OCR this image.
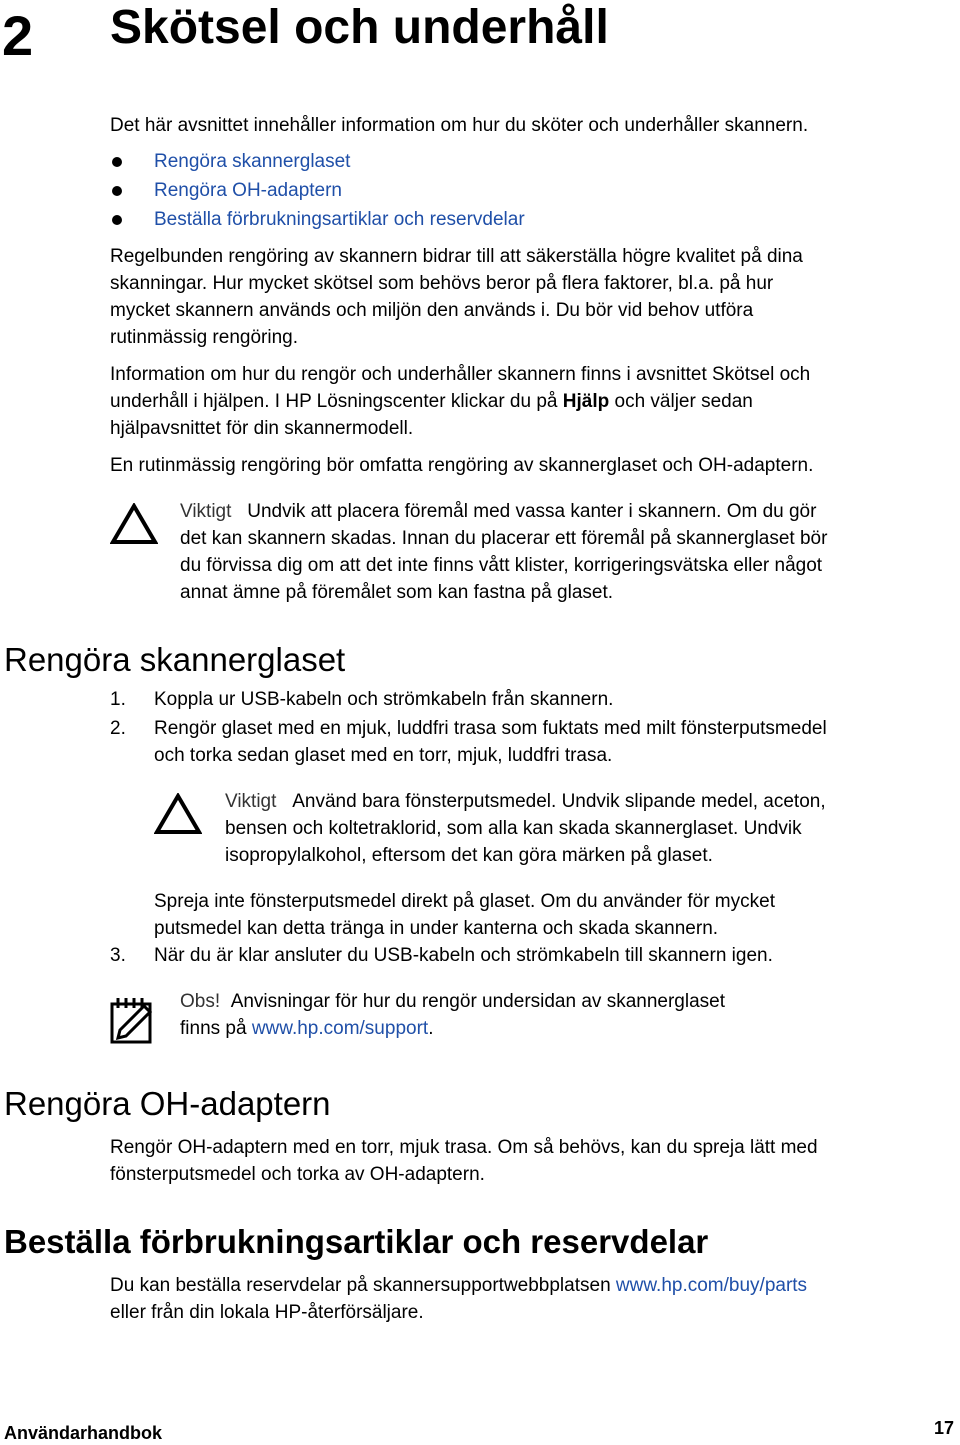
2 Skötsel och underhåll
Det här avsnittet innehåller information om hur du sköter och underhåller skannern.
Rengöra skannerglaset
Rengöra OH-adaptern
Beställa förbrukningsartiklar och reservdelar
Regelbunden rengöring av skannern bidrar till att säkerställa högre kvalitet på dina
skanningar. Hur mycket skötsel som behövs beror på flera faktorer, bl.a. på hur
mycket skannern används och miljön den används i. Du bör vid behov utföra
rutinmässig rengöring.
Information om hur du rengör och underhåller skannern finns i avsnittet Skötsel och
underhåll i hjälpen. I HP Lösningscenter klickar du på Hjälp och väljer sedan
hjälpavsnittet för din skannermodell.
En rutinmässig rengöring bör omfatta rengöring av skannerglaset och OH-adaptern.
Viktigt Undvik att placera föremål med vassa kanter i skannern. Om du gör
det kan skannern skadas. Innan du placerar ett föremål på skannerglaset bör
du förvissa dig om att det inte finns vått klister, korrigeringsvätska eller något
annat ämne på föremålet som kan fastna på glaset.
Rengöra skannerglaset
1. Koppla ur USB-kabeln och strömkabeln från skannern.
2. Rengör glaset med en mjuk, luddfri trasa som fuktats med milt fönsterputsmedel
och torka sedan glaset med en torr, mjuk, luddfri trasa.
Viktigt Använd bara fönsterputsmedel. Undvik slipande medel, aceton,
bensen och koltetraklorid, som alla kan skada skannerglaset. Undvik
isopropylalkohol, eftersom det kan göra märken på glaset.
Spreja inte fönsterputsmedel direkt på glaset. Om du använder för mycket
putsmedel kan detta tränga in under kanterna och skada skannern.
3. När du är klar ansluter du USB-kabeln och strömkabeln till skannern igen.
Obs! Anvisningar för hur du rengör undersidan av skannerglaset
finns på www.hp.com/support.
Rengöra OH-adaptern
Rengör OH-adaptern med en torr, mjuk trasa. Om så behövs, kan du spreja lätt med
fönsterputsmedel och torka av OH-adaptern.
Beställa förbrukningsartiklar och reservdelar
Du kan beställa reservdelar på skannersupportwebbplatsen www.hp.com/buy/parts
eller från din lokala HP-återförsäljare.
Användarhandbok	17
